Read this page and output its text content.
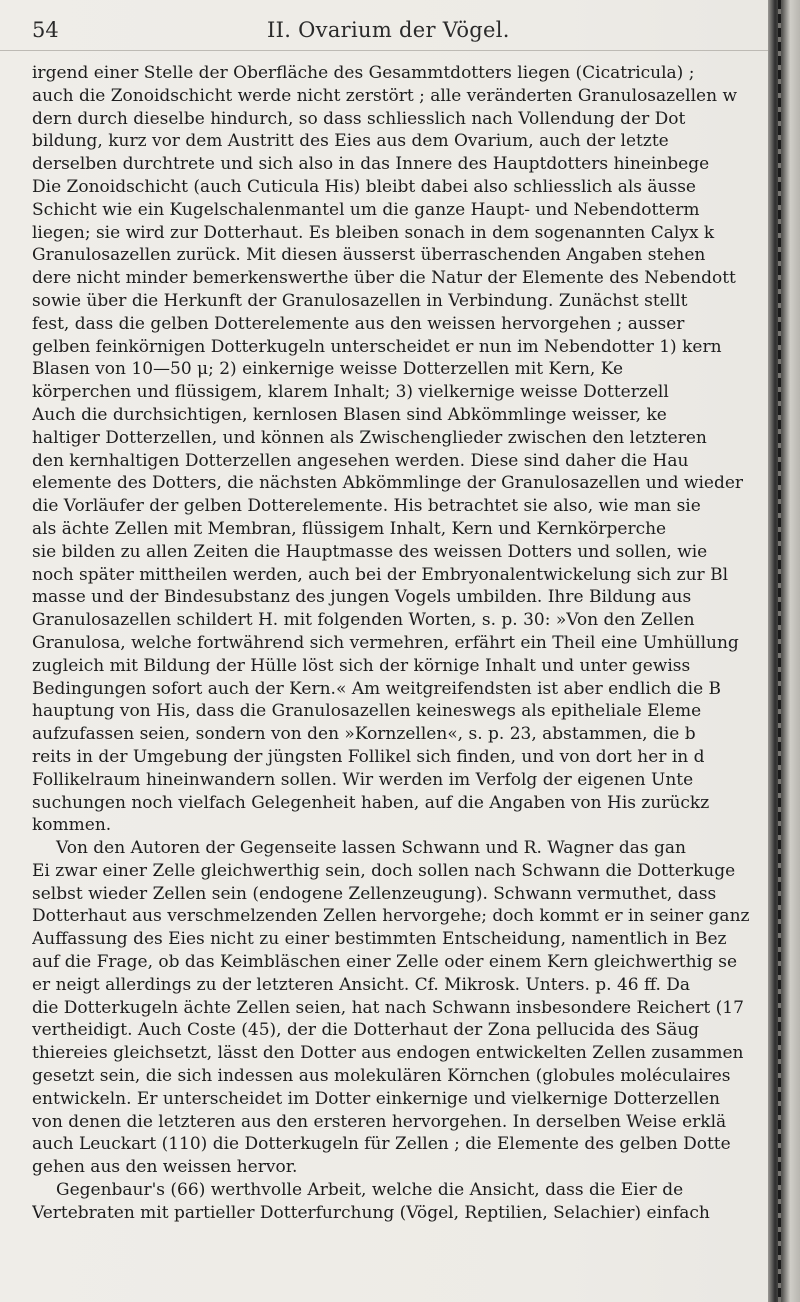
54	II. Ovarium der Vögel.
irgend einer Stelle der Oberfläche des Gesammtdotters liegen (Cicatricula) ;
auch die Zonoidschicht werde nicht zerstört ; alle veränderten Granulosazellen w
dern durch dieselbe hindurch, so dass schliesslich nach Vollendung der Dot
bildung, kurz vor dem Austritt des Eies aus dem Ovarium, auch der letzte
derselben durchtrete und sich also in das Innere des Hauptdotters hineinbege
Die Zonoidschicht (auch Cuticula His) bleibt dabei also schliesslich als äusse
Schicht wie ein Kugelschalenmantel um die ganze Haupt- und Nebendotterm
liegen; sie wird zur Dotterhaut. Es bleiben sonach in dem sogenannten Calyx k
Granulosazellen zurück. Mit diesen äusserst überraschenden Angaben stehen
dere nicht minder bemerkenswerthe über die Natur der Elemente des Nebendott
sowie über die Herkunft der Granulosazellen in Verbindung. Zunächst stellt
fest, dass die gelben Dotterelemente aus den weissen hervorgehen ; ausser
gelben feinkörnigen Dotterkugeln unterscheidet er nun im Nebendotter 1) kern
Blasen von 10—50 μ; 2) einkernige weisse Dotterzellen mit Kern, Ke
körperchen und flüssigem, klarem Inhalt; 3) vielkernige weisse Dotterzell
Auch die durchsichtigen, kernlosen Blasen sind Abkömmlinge weisser, ke
haltiger Dotterzellen, und können als Zwischenglieder zwischen den letzteren
den kernhaltigen Dotterzellen angesehen werden. Diese sind daher die Hau
elemente des Dotters, die nächsten Abkömmlinge der Granulosazellen und wieder
die Vorläufer der gelben Dotterelemente. His betrachtet sie also, wie man sie
als ächte Zellen mit Membran, flüssigem Inhalt, Kern und Kernkörperche
sie bilden zu allen Zeiten die Hauptmasse des weissen Dotters und sollen, wie
noch später mittheilen werden, auch bei der Embryonalentwickelung sich zur Bl
masse und der Bindesubstanz des jungen Vogels umbilden. Ihre Bildung aus
Granulosazellen schildert H. mit folgenden Worten, s. p. 30: »Von den Zellen
Granulosa, welche fortwährend sich vermehren, erfährt ein Theil eine Umhüllung
zugleich mit Bildung der Hülle löst sich der körnige Inhalt und unter gewiss
Bedingungen sofort auch der Kern.« Am weitgreifendsten ist aber endlich die B
hauptung von His, dass die Granulosazellen keineswegs als epitheliale Eleme
aufzufassen seien, sondern von den »Kornzellen«, s. p. 23, abstammen, die b
reits in der Umgebung der jüngsten Follikel sich finden, und von dort her in d
Follikelraum hineinwandern sollen. Wir werden im Verfolg der eigenen Unte
suchungen noch vielfach Gelegenheit haben, auf die Angaben von His zurückz
kommen.
Von den Autoren der Gegenseite lassen Schwann und R. Wagner das gan
Ei zwar einer Zelle gleichwerthig sein, doch sollen nach Schwann die Dotterkuge
selbst wieder Zellen sein (endogene Zellenzeugung). Schwann vermuthet, dass
Dotterhaut aus verschmelzenden Zellen hervorgehe; doch kommt er in seiner ganz
Auffassung des Eies nicht zu einer bestimmten Entscheidung, namentlich in Bez
auf die Frage, ob das Keimbläschen einer Zelle oder einem Kern gleichwerthig se
er neigt allerdings zu der letzteren Ansicht. Cf. Mikrosk. Unters. p. 46 ff. Da
die Dotterkugeln ächte Zellen seien, hat nach Schwann insbesondere Reichert (17
vertheidigt. Auch Coste (45), der die Dotterhaut der Zona pellucida des Säug
thiereies gleichsetzt, lässt den Dotter aus endogen entwickelten Zellen zusammen
gesetzt sein, die sich indessen aus molekulären Körnchen (globules moléculaires
entwickeln. Er unterscheidet im Dotter einkernige und vielkernige Dotterzellen
von denen die letzteren aus den ersteren hervorgehen. In derselben Weise erklä
auch Leuckart (110) die Dotterkugeln für Zellen ; die Elemente des gelben Dotte
gehen aus den weissen hervor.
Gegenbaur's (66) werthvolle Arbeit, welche die Ansicht, dass die Eier de
Vertebraten mit partieller Dotterfurchung (Vögel, Reptilien, Selachier) einfach
